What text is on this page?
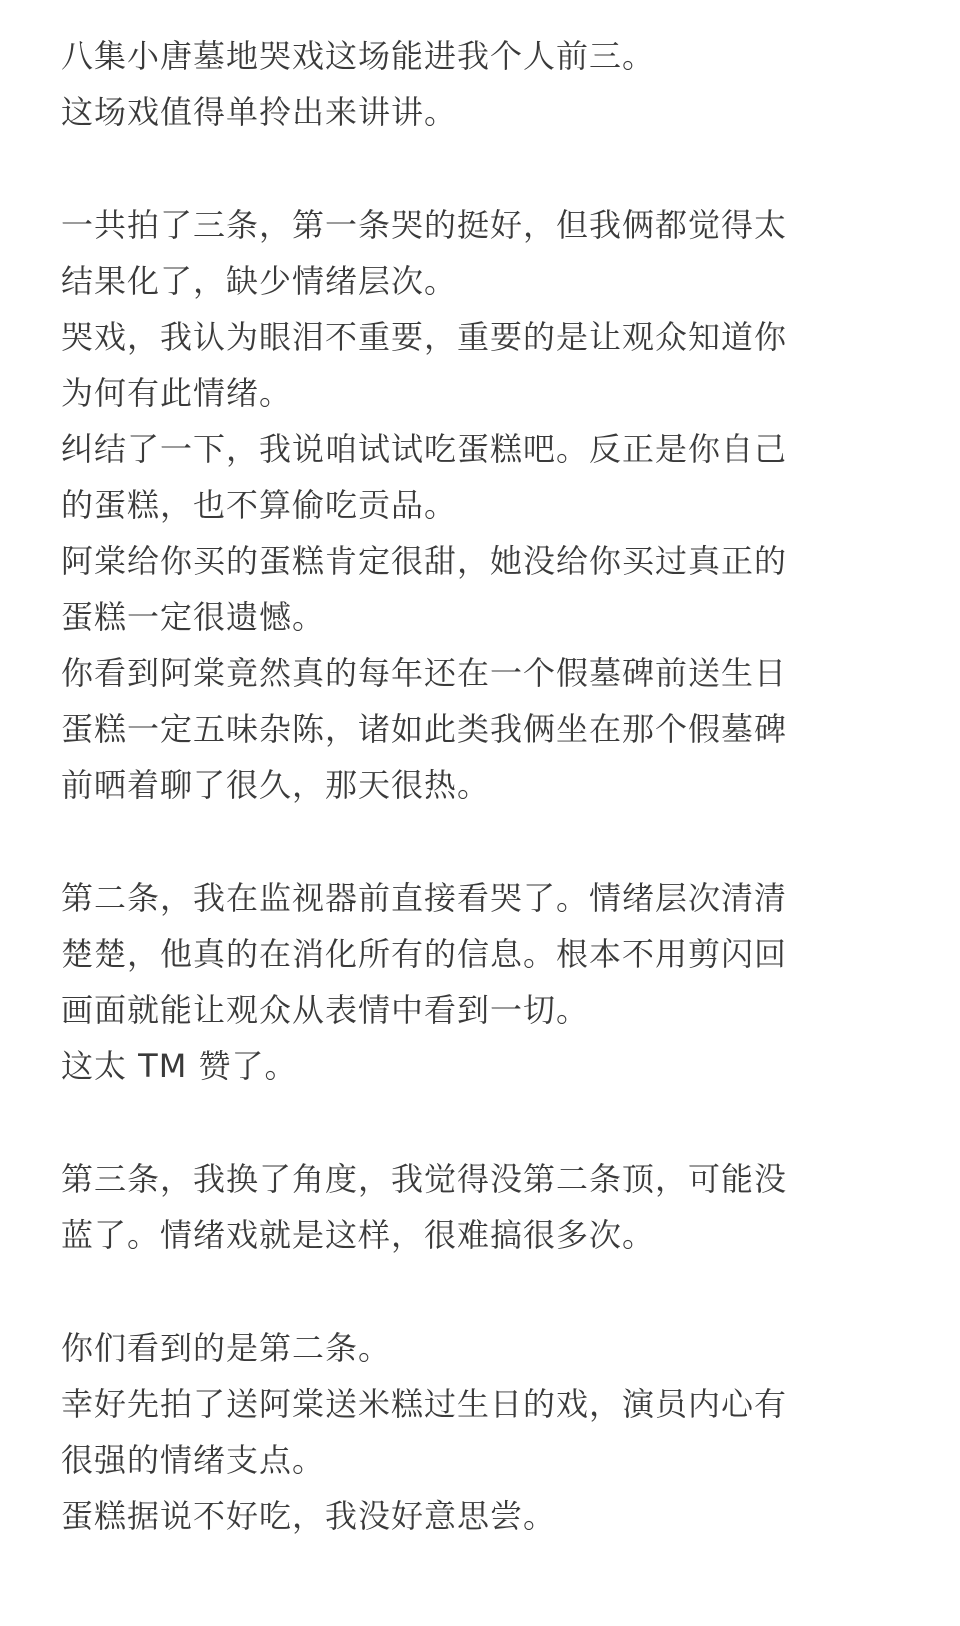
八集小唐墓地哭戏这场能进我个人前三。
这场戏值得单拎出来讲讲。
一共拍了三条，第一条哭的挺好，但我俩都觉得太
结果化了，缺少情绪层次。
哭戏，我认为眼泪不重要，重要的是让观众知道你
为何有此情绪。
纠结了一下，我说咱试试吃蛋糕吧。反正是你自己
的蛋糕，也不算偷吃贡品。
阿棠给你买的蛋糕肯定很甜，她没给你买过真正的
蛋糕一定很遗憾。
你看到阿棠竟然真的每年还在一个假墓碑前送生日
蛋糕一定五味杂陈，诸如此类我俩坐在那个假墓碑
前晒着聊了很久，那天很热。
第二条，我在监视器前直接看哭了。情绪层次清清
楚楚，他真的在消化所有的信息。根本不用剪闪回
画面就能让观众从表情中看到一切。
这太 TM 赞了。
第三条，我换了角度，我觉得没第二条顶，可能没
蓝了。情绪戏就是这样，很难搞很多次。
你们看到的是第二条。
幸好先拍了送阿棠送米糕过生日的戏，演员内心有
很强的情绪支点。
蛋糕据说不好吃，我没好意思尝。
